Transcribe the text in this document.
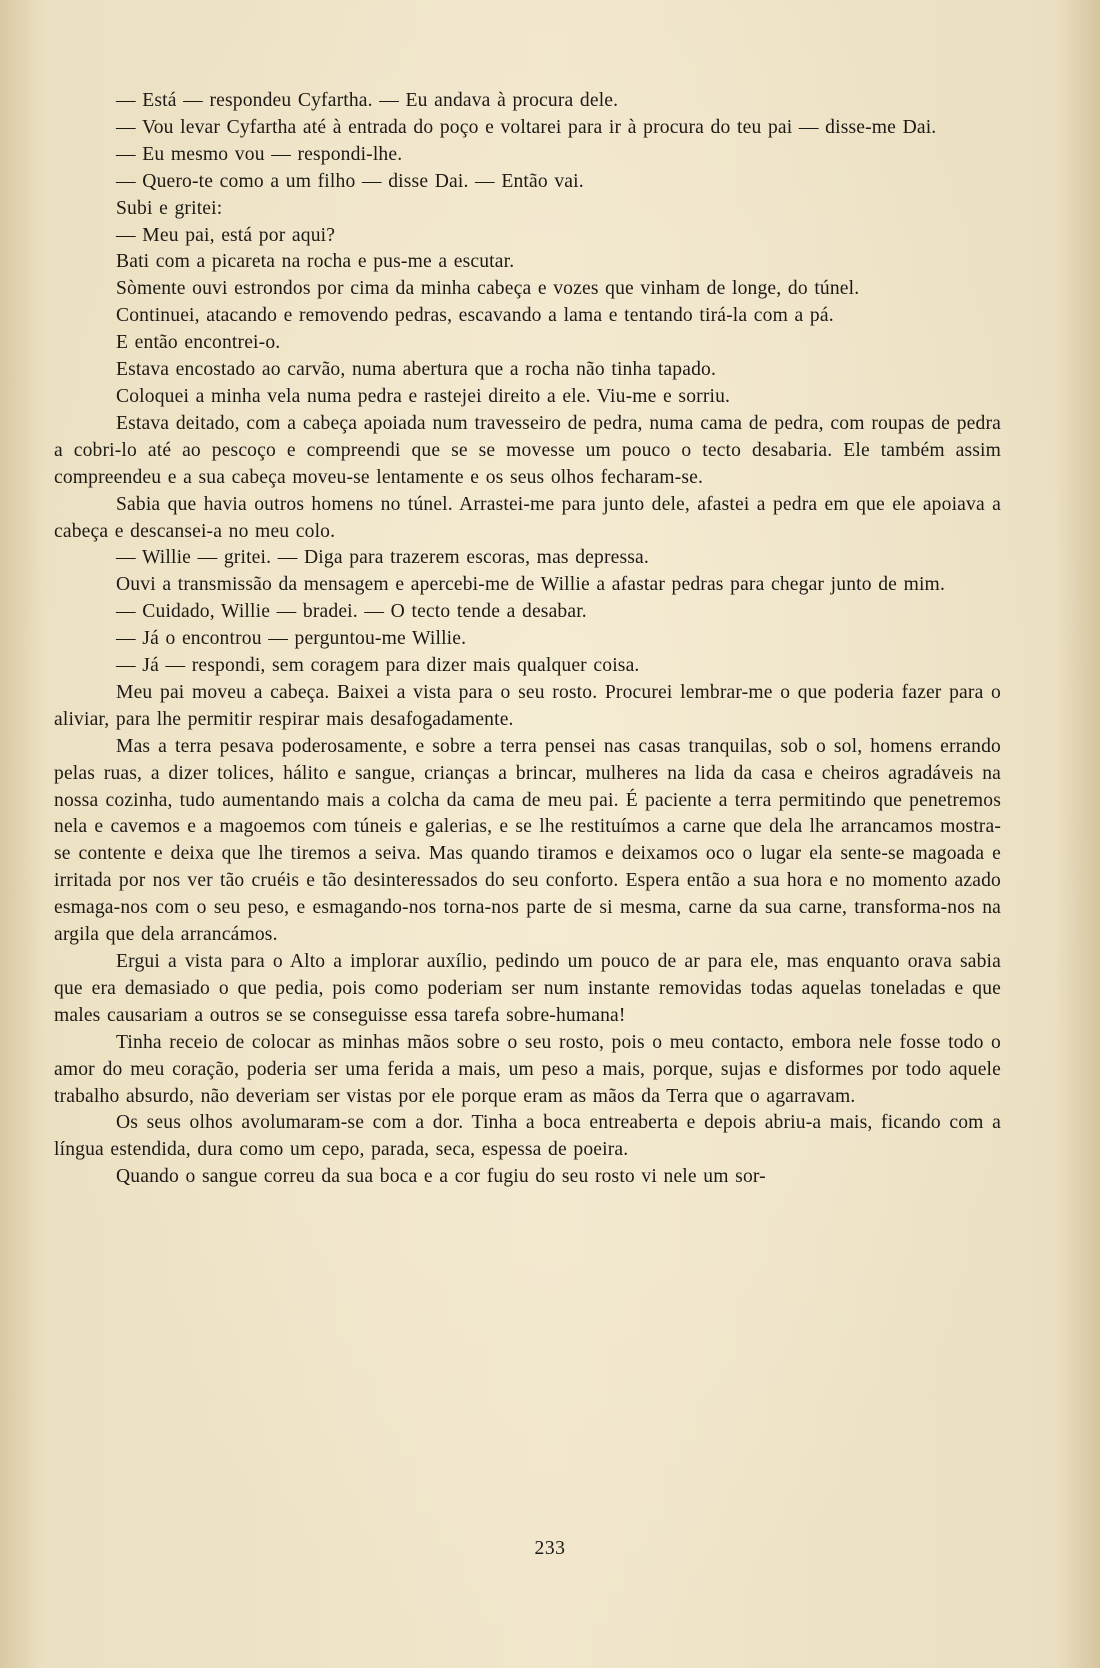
— Está — respondeu Cyfartha. — Eu andava à procura dele.

— Vou levar Cyfartha até à entrada do poço e voltarei para ir à procura do teu pai — disse-me Dai.

— Eu mesmo vou — respondi-lhe.

— Quero-te como a um filho — disse Dai. — Então vai.

Subi e gritei:

— Meu pai, está por aqui?

Bati com a picareta na rocha e pus-me a escutar.

Sòmente ouvi estrondos por cima da minha cabeça e vozes que vinham de longe, do túnel.

Continuei, atacando e removendo pedras, escavando a lama e tentando tirá-la com a pá.

E então encontrei-o.

Estava encostado ao carvão, numa abertura que a rocha não tinha tapado.

Coloquei a minha vela numa pedra e rastejei direito a ele. Viu-me e sorriu.

Estava deitado, com a cabeça apoiada num travesseiro de pedra, numa cama de pedra, com roupas de pedra a cobri-lo até ao pescoço e compreendi que se se movesse um pouco o tecto desabaria. Ele também assim compreendeu e a sua cabeça moveu-se lentamente e os seus olhos fecharam-se.

Sabia que havia outros homens no túnel. Arrastei-me para junto dele, afastei a pedra em que ele apoiava a cabeça e descansei-a no meu colo.

— Willie — gritei. — Diga para trazerem escoras, mas depressa.

Ouvi a transmissão da mensagem e apercebi-me de Willie a afastar pedras para chegar junto de mim.

— Cuidado, Willie — bradei. — O tecto tende a desabar.

— Já o encontrou — perguntou-me Willie.

— Já — respondi, sem coragem para dizer mais qualquer coisa.

Meu pai moveu a cabeça. Baixei a vista para o seu rosto. Procurei lembrar-me o que poderia fazer para o aliviar, para lhe permitir respirar mais desafogadamente.

Mas a terra pesava poderosamente, e sobre a terra pensei nas casas tranquilas, sob o sol, homens errando pelas ruas, a dizer tolices, hálito e sangue, crianças a brincar, mulheres na lida da casa e cheiros agradáveis na nossa cozinha, tudo aumentando mais a colcha da cama de meu pai. É paciente a terra permitindo que penetremos nela e cavemos e a magoemos com túneis e galerias, e se lhe restituímos a carne que dela lhe arrancamos mostra-se contente e deixa que lhe tiremos a seiva. Mas quando tiramos e deixamos oco o lugar ela sente-se magoada e irritada por nos ver tão cruéis e tão desinteressados do seu conforto. Espera então a sua hora e no momento azado esmaga-nos com o seu peso, e esmagando-nos torna-nos parte de si mesma, carne da sua carne, transforma-nos na argila que dela arrancámos.

Ergui a vista para o Alto a implorar auxílio, pedindo um pouco de ar para ele, mas enquanto orava sabia que era demasiado o que pedia, pois como poderiam ser num instante removidas todas aquelas toneladas e que males causariam a outros se se conseguisse essa tarefa sobre-humana!

Tinha receio de colocar as minhas mãos sobre o seu rosto, pois o meu contacto, embora nele fosse todo o amor do meu coração, poderia ser uma ferida a mais, um peso a mais, porque, sujas e disformes por todo aquele trabalho absurdo, não deveriam ser vistas por ele porque eram as mãos da Terra que o agarravam.

Os seus olhos avolumaram-se com a dor. Tinha a boca entreaberta e depois abriu-a mais, ficando com a língua estendida, dura como um cepo, parada, seca, espessa de poeira.

Quando o sangue correu da sua boca e a cor fugiu do seu rosto vi nele um sor-

233
